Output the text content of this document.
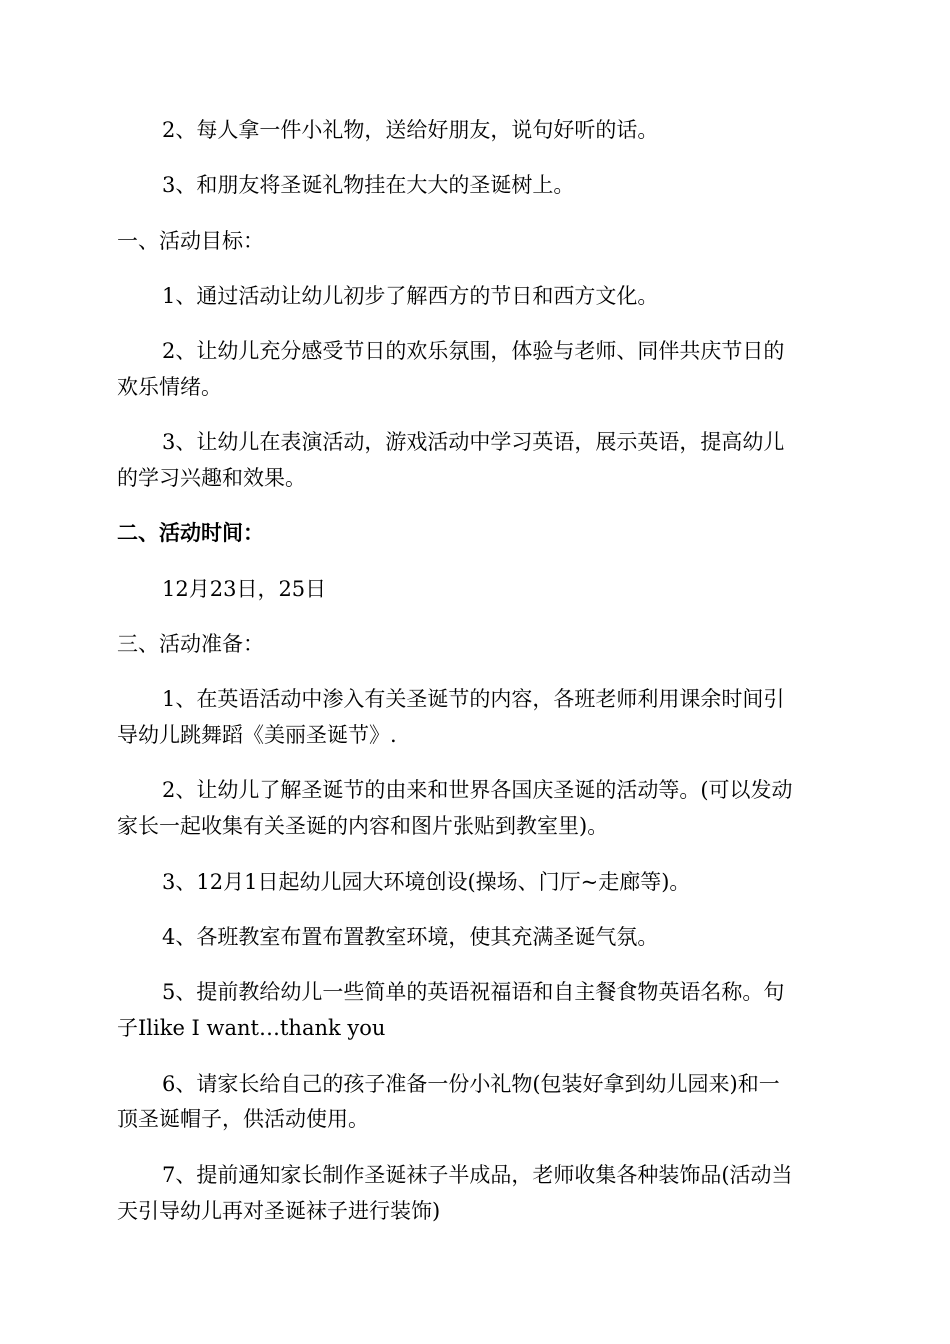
2、每人拿一件小礼物，送给好朋友，说句好听的话。
3、和朋友将圣诞礼物挂在大大的圣诞树上。
一、活动目标：
1、通过活动让幼儿初步了解西方的节日和西方文化。
2、让幼儿充分感受节日的欢乐氛围，体验与老师、同伴共庆节日的
欢乐情绪。
3、让幼儿在表演活动，游戏活动中学习英语，展示英语，提高幼儿
的学习兴趣和效果。
二、活动时间：
12月23日，25日
三、活动准备：
1、在英语活动中渗入有关圣诞节的内容，各班老师利用课余时间引
导幼儿跳舞蹈《美丽圣诞节》.
2、让幼儿了解圣诞节的由来和世界各国庆圣诞的活动等。(可以发动
家长一起收集有关圣诞的内容和图片张贴到教室里)。
3、12月1日起幼儿园大环境创设(操场、门厅~走廊等)。
4、各班教室布置布置教室环境，使其充满圣诞气氛。
5、提前教给幼儿一些简单的英语祝福语和自主餐食物英语名称。句
子Ilike I want…thank you
6、请家长给自己的孩子准备一份小礼物(包装好拿到幼儿园来)和一
顶圣诞帽子，供活动使用。
7、提前通知家长制作圣诞袜子半成品，老师收集各种装饰品(活动当
天引导幼儿再对圣诞袜子进行装饰)
